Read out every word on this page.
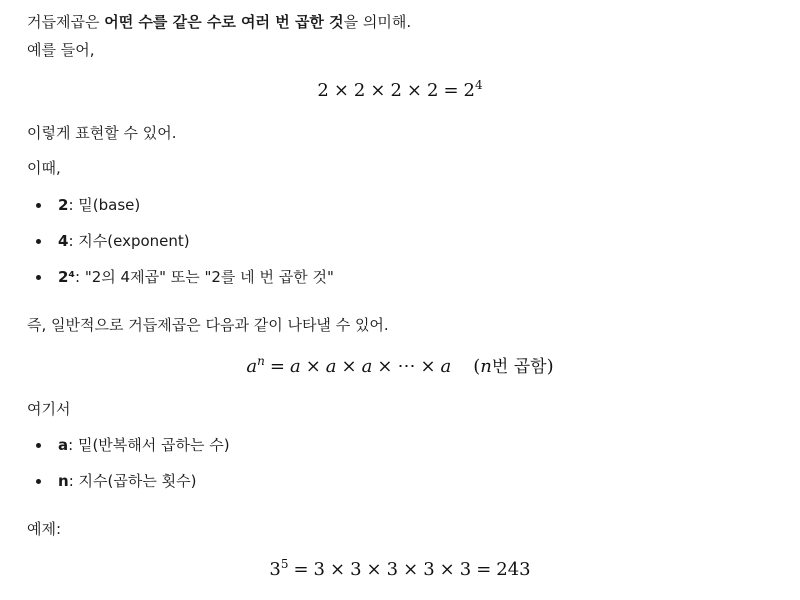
거듭제곱은 어떤 수를 같은 수로 여러 번 곱한 것을 의미해.
예를 들어,
$2 \times 2 \times 2 \times 2 = 2^4$
이렇게 표현할 수 있어.
이때,
2: 밑(base)
4: 지수(exponent)
2⁴: "2의 4제곱" 또는 "2를 네 번 곱한 것"
즉, 일반적으로 거듭제곱은 다음과 같이 나타낼 수 있어.
$a^n = a \times a \times a$ × ⋯ × a (n번 곱함)
여기서
a: 밑(반복해서 곱하는 수)
n: 지수(곱하는 횟수)
예제:
$3^5 = 3 \times 3 \times 3 \times 3 \times 3 = 243$
